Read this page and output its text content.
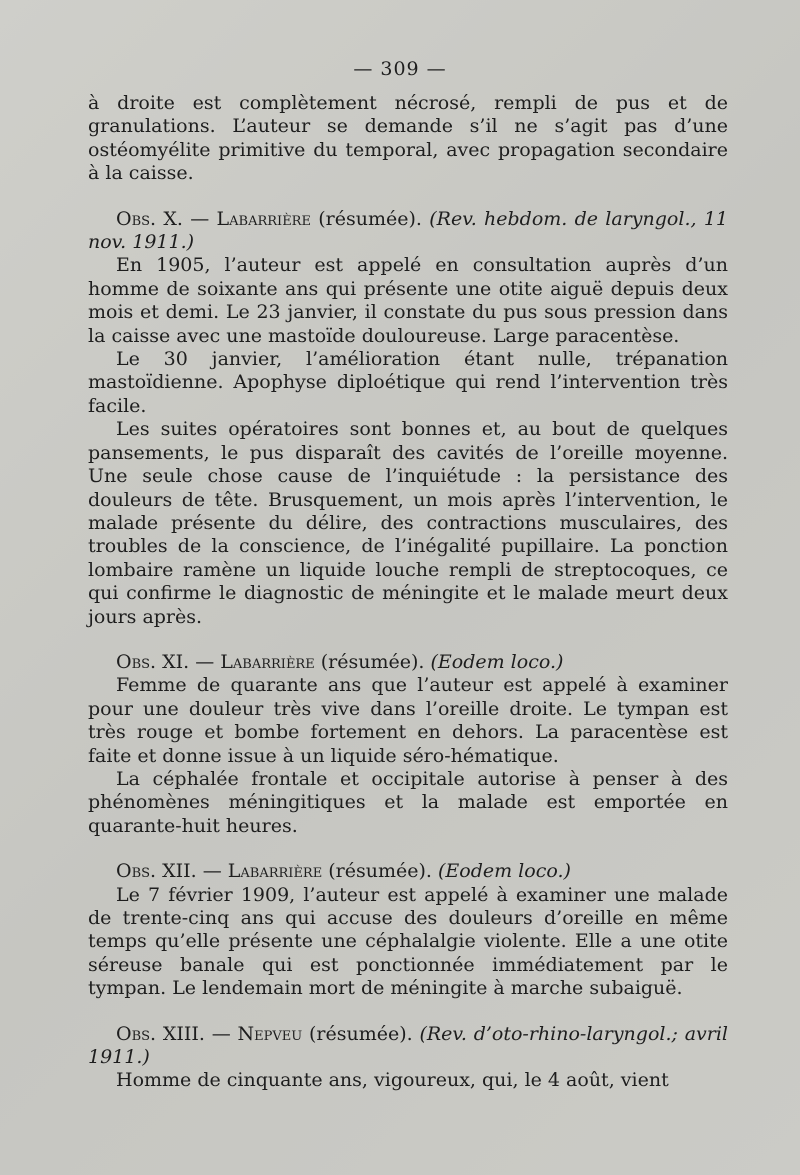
— 309 —

à droite est complètement nécrosé, rempli de pus et de granulations. L’auteur se demande s’il ne s’agit pas d’une ostéomyélite primitive du temporal, avec propagation secondaire à la caisse.

Obs. X. — Labarrière (résumée). (Rev. hebdom. de laryngol., 11 nov. 1911.)

En 1905, l’auteur est appelé en consultation auprès d’un homme de soixante ans qui présente une otite aiguë depuis deux mois et demi. Le 23 janvier, il constate du pus sous pression dans la caisse avec une mastoïde douloureuse. Large paracentèse.

Le 30 janvier, l’amélioration étant nulle, trépanation mastoïdienne. Apophyse diploétique qui rend l’intervention très facile.

Les suites opératoires sont bonnes et, au bout de quelques pansements, le pus disparaît des cavités de l’oreille moyenne. Une seule chose cause de l’inquiétude : la persistance des douleurs de tête. Brusquement, un mois après l’intervention, le malade présente du délire, des contractions musculaires, des troubles de la conscience, de l’inégalité pupillaire. La ponction lombaire ramène un liquide louche rempli de streptocoques, ce qui confirme le diagnostic de méningite et le malade meurt deux jours après.

Obs. XI. — Labarrière (résumée). (Eodem loco.)

Femme de quarante ans que l’auteur est appelé à examiner pour une douleur très vive dans l’oreille droite. Le tympan est très rouge et bombe fortement en dehors. La paracentèse est faite et donne issue à un liquide séro-hématique.

La céphalée frontale et occipitale autorise à penser à des phénomènes méningitiques et la malade est emportée en quarante-huit heures.

Obs. XII. — Labarrière (résumée). (Eodem loco.)

Le 7 février 1909, l’auteur est appelé à examiner une malade de trente-cinq ans qui accuse des douleurs d’oreille en même temps qu’elle présente une céphalalgie violente. Elle a une otite séreuse banale qui est ponctionnée immédiatement par le tympan. Le lendemain mort de méningite à marche subaiguë.

Obs. XIII. — Nepveu (résumée). (Rev. d’oto-rhino-laryngol.; avril 1911.)

Homme de cinquante ans, vigoureux, qui, le 4 août, vient
